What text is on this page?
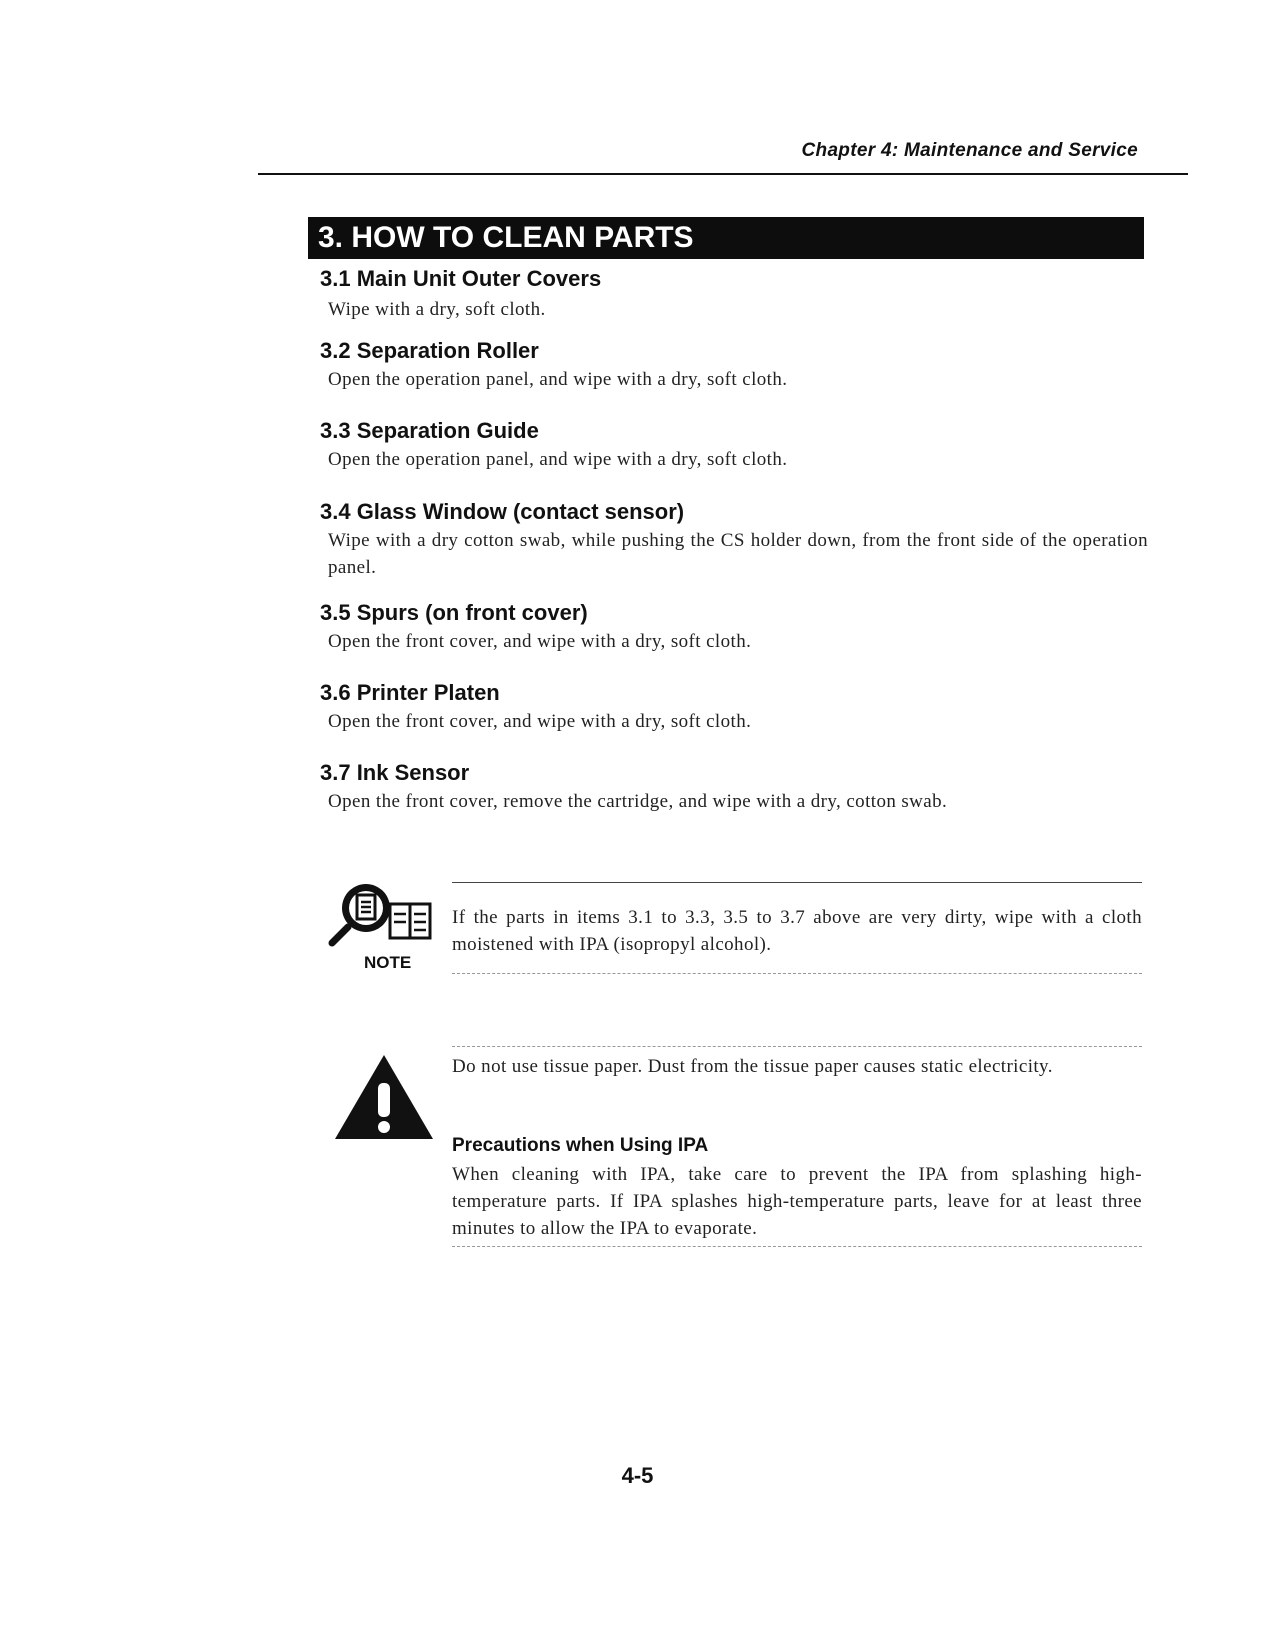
Chapter 4: Maintenance and Service
3. HOW TO CLEAN PARTS
3.1 Main Unit Outer Covers
Wipe with a dry, soft cloth.
3.2 Separation Roller
Open the operation panel, and wipe with a dry, soft cloth.
3.3 Separation Guide
Open the operation panel, and wipe with a dry, soft cloth.
3.4 Glass Window (contact sensor)
Wipe with a dry cotton swab, while pushing the CS holder down, from the front side of the operation panel.
3.5 Spurs (on front cover)
Open the front cover, and wipe with a dry, soft cloth.
3.6 Printer Platen
Open the front cover, and wipe with a dry, soft cloth.
3.7 Ink Sensor
Open the front cover, remove the cartridge, and wipe with a dry, cotton swab.
NOTE
If the parts in items 3.1 to 3.3, 3.5 to 3.7 above are very dirty, wipe with a cloth moistened with IPA (isopropyl alcohol).
Do not use tissue paper. Dust from the tissue paper causes static electricity.
Precautions when Using IPA
When cleaning with IPA, take care to prevent the IPA from splashing high-temperature parts. If IPA splashes high-temperature parts, leave for at least three minutes to allow the IPA to evaporate.
4-5
